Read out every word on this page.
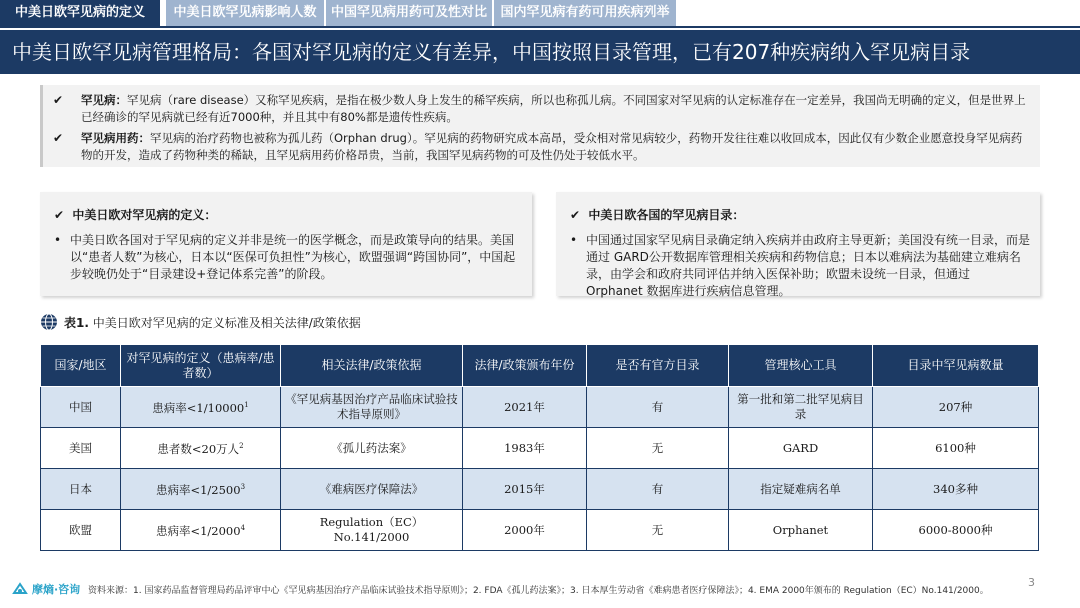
中美日欧罕见病的定义	中美日欧罕见病影响人数	中国罕见病用药可及性对比	国内罕见病有药可用疾病列举
中美日欧罕见病管理格局：各国对罕见病的定义有差异，中国按照目录管理，已有207种疾病纳入罕见病目录
✔ 罕见病：罕见病（rare disease）又称罕见疾病，是指在极少数人身上发生的稀罕疾病，所以也称孤儿病。不同国家对罕见病的认定标准存在一定差异，我国尚无明确的定义，但是世界上已经确诊的罕见病就已经有近7000种，并且其中有80%都是遗传性疾病。
✔ 罕见病用药：罕见病的治疗药物也被称为孤儿药（Orphan drug）。罕见病的药物研究成本高昂，受众相对常见病较少，药物开发往往难以收回成本，因此仅有少数企业愿意投身罕见病药物的开发，造成了药物种类的稀缺，且罕见病用药价格昂贵，当前，我国罕见病药物的可及性仍处于较低水平。
✔  中美日欧对罕见病的定义：
• 中美日欧各国对于罕见病的定义并非是统一的医学概念，而是政策导向的结果。美国以“患者人数”为核心，日本以“医保可负担性”为核心，欧盟强调“跨国协同”，中国起步较晚仍处于“目录建设+登记体系完善”的阶段。
✔  中美日欧各国的罕见病目录：
• 中国通过国家罕见病目录确定纳入疾病并由政府主导更新；美国没有统一目录，而是通过 GARD公开数据库管理相关疾病和药物信息；日本以难病法为基础建立难病名录，由学会和政府共同评估并纳入医保补助；欧盟未设统一目录，但通过 Orphanet 数据库进行疾病信息管理。
表1. 中美日欧对罕见病的定义标准及相关法律/政策依据
国家/地区	对罕见病的定义（患病率/患者数）	相关法律/政策依据	法律/政策颁布年份	是否有官方目录	管理核心工具	目录中罕见病数量
中国	患病率$<1/10000^1$	《罕见病基因治疗产品临床试验技术指导原则》	2021年	有	第一批和第二批罕见病目录	207种
美国	患者数<20万人$^2$	《孤儿药法案》	1983年	无	GARD	6100种
日本	患病率$<1/2500^3$	《难病医疗保障法》	2015年	有	指定疑难病名单	340多种
欧盟	患病率$<1/2000^4$	Regulation（EC）No.141/2000	2000年	无	Orphanet	6000-8000种
摩熵·咨询 资料来源：1. 国家药品监督管理局药品评审中心《罕见病基因治疗产品临床试验技术指导原则》；2. FDA《孤儿药法案》；3. 日本厚生劳动省《难病患者医疗保障法》；4. EMA 2000年颁布的 Regulation（EC）No.141/2000。
3
